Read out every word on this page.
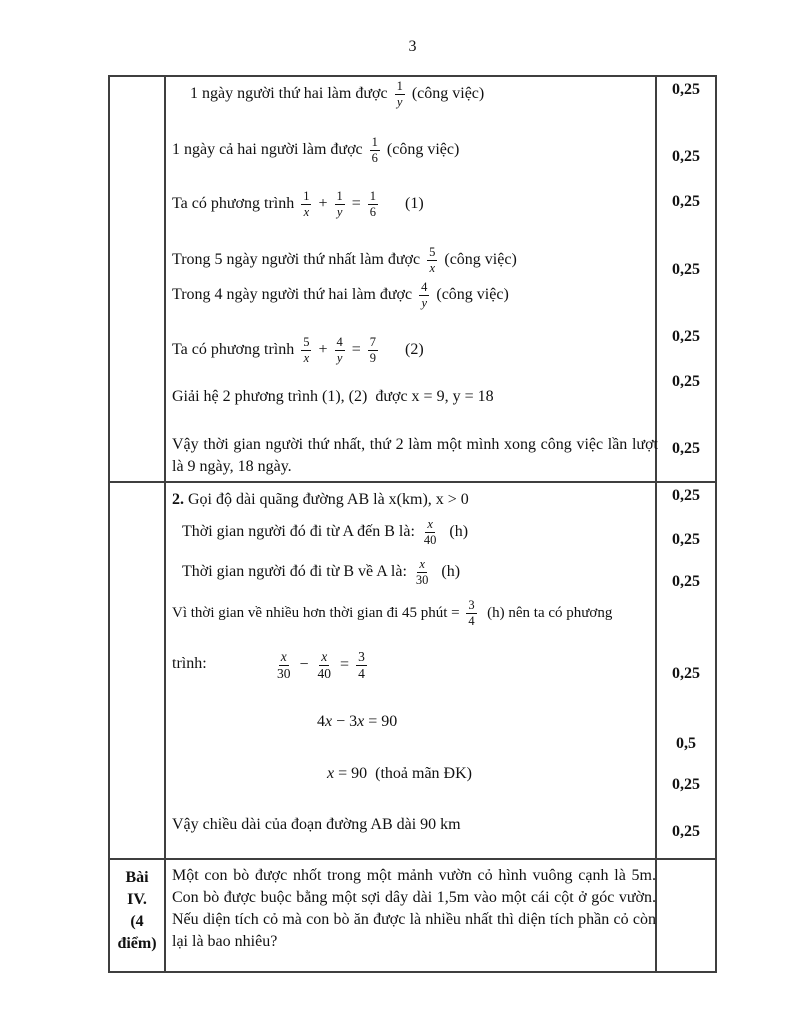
3
1 ngày người thứ hai làm được $\frac{1}{y}$ (công việc)
1 ngày cả hai người làm được $\frac{1}{6}$ (công việc)
Ta có phương trình $\frac{1}{x} + \frac{1}{y} = \frac{1}{6} (1)$
Trong 5 ngày người thứ nhất làm được $\frac{5}{x}$ (công việc)
Trong 4 ngày người thứ hai làm được $\frac{4}{y}$ (công việc)
Ta có phương trình $\frac{5}{x} + \frac{4}{y} = \frac{7}{9} (2)$
Giải hệ 2 phương trình (1), (2)  được x = 9, y = 18
Vậy thời gian người thứ nhất, thứ 2 làm một mình xong công việc lần lượt là 9 ngày, 18 ngày.
0,25
0,25
0,25
0,25
0,25
0,25
0,25
2. Gọi độ dài quãng đường AB là x(km), x > 0
Thời gian người đó đi từ A đến B là: $\frac{x}{40} (h)$
Thời gian người đó đi từ B về A là: $\frac{x}{30} (h)$
Vì thời gian về nhiều hơn thời gian đi 45 phút = $\frac{3}{4} (h)$ nên ta có phương
trình:	$\frac{x}{30} - \frac{x}{40} = \frac{3}{4}$
4 x − 3 x = 90
x = 90  (thoả mãn ĐK)
Vậy chiều dài của đoạn đường AB dài 90 km
0,25
0,25
0,25
0,25
0,5
0,25
0,25
Một con bò được nhốt trong một mảnh vườn cỏ hình vuông cạnh là 5m. Con bò được buộc bằng một sợi dây dài 1,5m vào một cái cột ở góc vườn. Nếu diện tích cỏ mà con bò ăn được là nhiều nhất thì diện tích phần cỏ còn lại là bao nhiêu?
Bài
IV.
(4
điểm)
